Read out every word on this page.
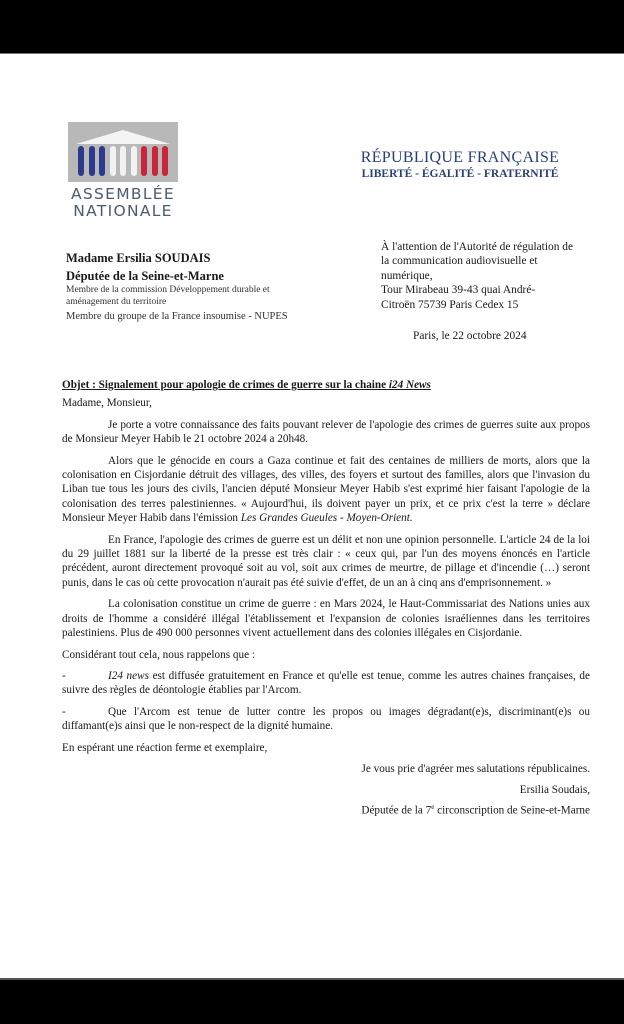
ASSEMBLÉE
NATIONALE
RÉPUBLIQUE FRANÇAISE
LIBERTÉ - ÉGALITÉ - FRATERNITÉ
Madame Ersilia SOUDAIS
Députée de la Seine-et-Marne
Membre de la commission Développement durable et aménagement du territoire
Membre du groupe de la France insoumise - NUPES
À l'attention de l'Autorité de régulation de
la communication audiovisuelle et
numérique,
Tour Mirabeau 39-43 quai André-
Citroën 75739 Paris Cedex 15
Paris, le 22 octobre 2024
Objet : Signalement pour apologie de crimes de guerre sur la chaine i24 News

Madame, Monsieur,

Je porte a votre connaissance des faits pouvant relever de l'apologie des crimes de guerres suite aux propos de Monsieur Meyer Habib le 21 octobre 2024 a 20h48.

Alors que le génocide en cours a Gaza continue et fait des centaines de milliers de morts, alors que la colonisation en Cisjordanie détruit des villages, des villes, des foyers et surtout des familles, alors que l'invasion du Liban tue tous les jours des civils, l'ancien député Monsieur Meyer Habib s'est exprimé hier faisant l'apologie de la colonisation des terres palestiniennes. « Aujourd'hui, ils doivent payer un prix, et ce prix c'est la terre » déclare Monsieur Meyer Habib dans l'émission Les Grandes Gueules - Moyen-Orient.

En France, l'apologie des crimes de guerre est un délit et non une opinion personnelle. L'article 24 de la loi du 29 juillet 1881 sur la liberté de la presse est très clair : « ceux qui, par l'un des moyens énoncés en l'article précédent, auront directement provoqué soit au vol, soit aux crimes de meurtre, de pillage et d'incendie (…) seront punis, dans le cas où cette provocation n'aurait pas été suivie d'effet, de un an à cinq ans d'emprisonnement. »

La colonisation constitue un crime de guerre : en Mars 2024, le Haut-Commissariat des Nations unies aux droits de l'homme a considéré illégal l'établissement et l'expansion de colonies israéliennes dans les territoires palestiniens. Plus de 490 000 personnes vivent actuellement dans des colonies illégales en Cisjordanie.

Considérant tout cela, nous rappelons que :

-	I24 news est diffusée gratuitement en France et qu'elle est tenue, comme les autres chaines françaises, de suivre des règles de déontologie établies par l'Arcom.

-	Que l'Arcom est tenue de lutter contre les propos ou images dégradant(e)s, discriminant(e)s ou diffamant(e)s ainsi que le non-respect de la dignité humaine.

En espérant une réaction ferme et exemplaire,

Je vous prie d'agréer mes salutations républicaines.

Ersilia Soudais,

Députée de la 7e circonscription de Seine-et-Marne
